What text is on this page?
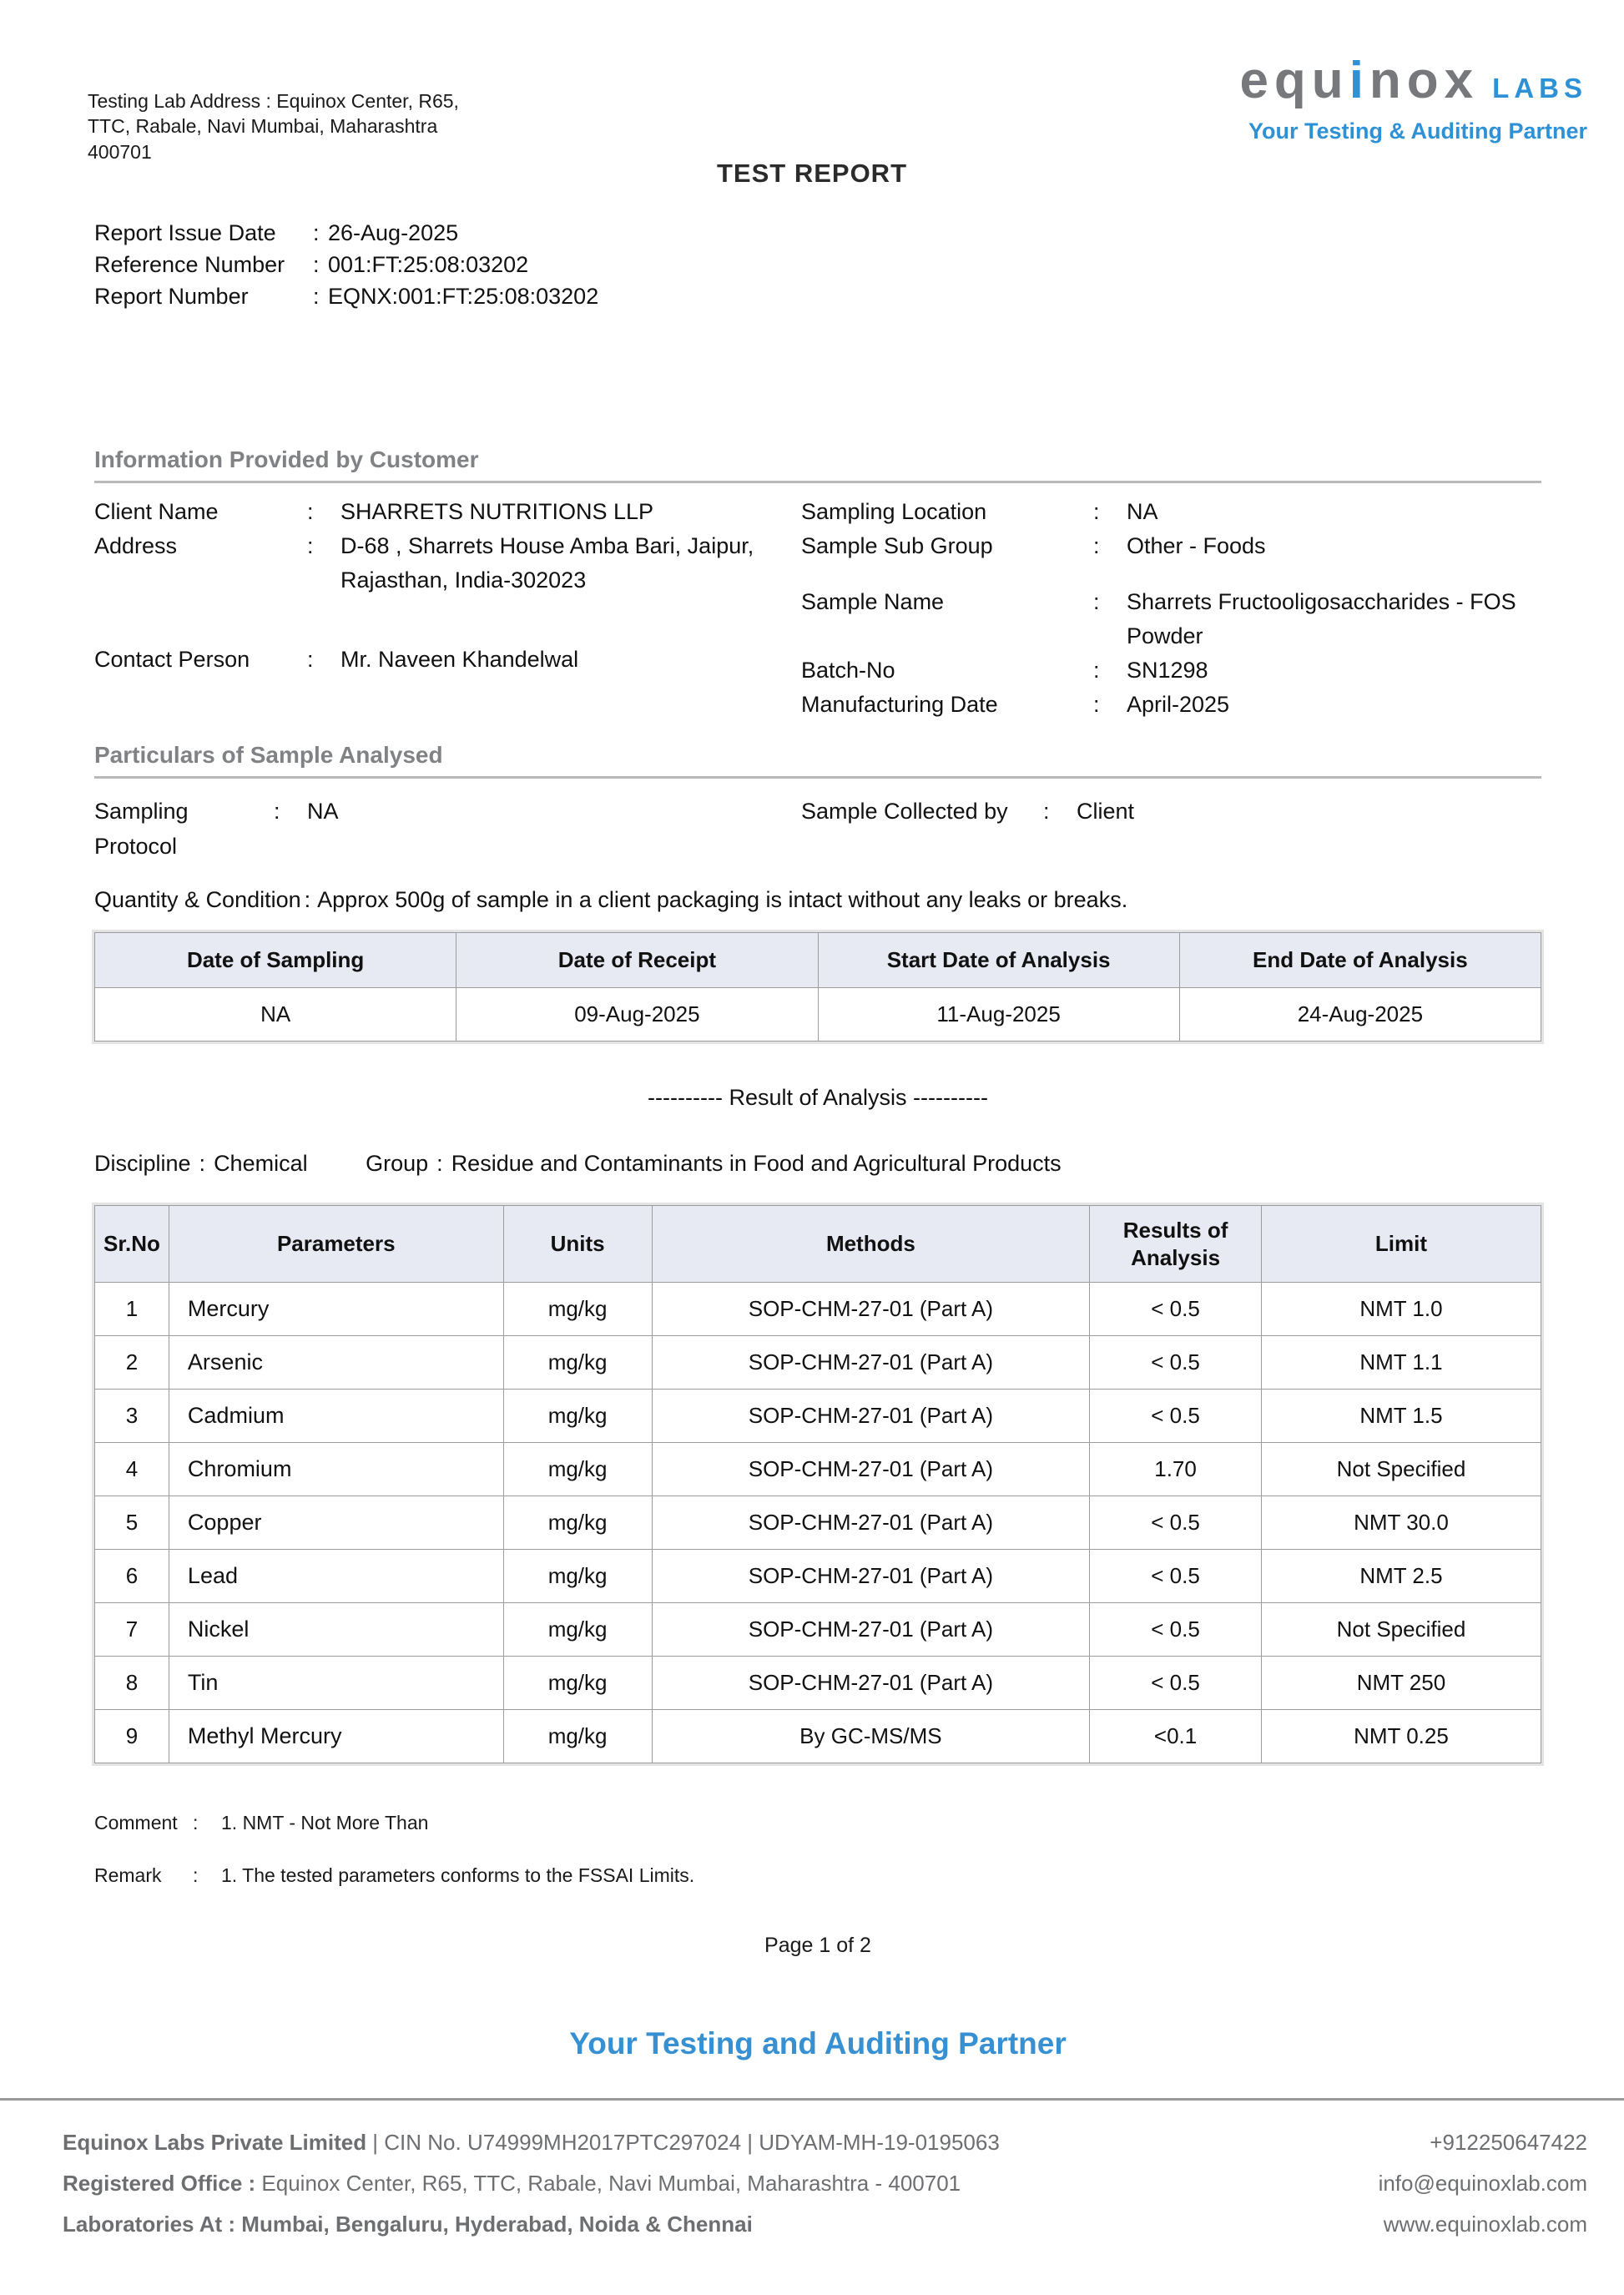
Testing Lab Address : Equinox Center, R65,
TTC, Rabale, Navi Mumbai, Maharashtra
400701
equinox LABS
Your Testing & Auditing Partner
TEST REPORT
Report Issue Date	: 26-Aug-2025
Reference Number	: 001:FT:25:08:03202
Report Number	: EQNX:001:FT:25:08:03202
Information Provided by Customer
Client Name	:	SHARRETS NUTRITIONS LLP
Address	:	D-68 , Sharrets House Amba Bari, Jaipur, Rajasthan, India-302023
Contact Person	:	Mr. Naveen Khandelwal
Sampling Location	:	NA
Sample Sub Group	:	Other - Foods
Sample Name	:	Sharrets Fructooligosaccharides - FOS Powder
Batch-No	:	SN1298
Manufacturing Date	:	April-2025
Particulars of Sample Analysed
Sampling Protocol
:	NA	Sample Collected by	:	Client
Quantity & Condition : Approx 500g of sample in a client packaging is intact without any leaks or breaks.
Date of Sampling	Date of Receipt	Start Date of Analysis	End Date of Analysis
NA	09-Aug-2025	11-Aug-2025	24-Aug-2025
---------- Result of Analysis ----------
Discipline : Chemical	Group : Residue and Contaminants in Food and Agricultural Products
Sr.No	Parameters	Units	Methods	Results of Analysis	Limit
1	Mercury	mg/kg	SOP-CHM-27-01 (Part A)	< 0.5	NMT 1.0
2	Arsenic	mg/kg	SOP-CHM-27-01 (Part A)	< 0.5	NMT 1.1
3	Cadmium	mg/kg	SOP-CHM-27-01 (Part A)	< 0.5	NMT 1.5
4	Chromium	mg/kg	SOP-CHM-27-01 (Part A)	1.70	Not Specified
5	Copper	mg/kg	SOP-CHM-27-01 (Part A)	< 0.5	NMT 30.0
6	Lead	mg/kg	SOP-CHM-27-01 (Part A)	< 0.5	NMT 2.5
7	Nickel	mg/kg	SOP-CHM-27-01 (Part A)	< 0.5	Not Specified
8	Tin	mg/kg	SOP-CHM-27-01 (Part A)	< 0.5	NMT 250
9	Methyl Mercury	mg/kg	By GC-MS/MS	<0.1	NMT 0.25
Comment :	1. NMT - Not More Than
Remark	:	1. The tested parameters conforms to the FSSAI Limits.
Page 1 of 2
Your Testing and Auditing Partner
Equinox Labs Private Limited | CIN No. U74999MH2017PTC297024 | UDYAM-MH-19-0195063	+912250647422
Registered Office : Equinox Center, R65, TTC, Rabale, Navi Mumbai, Maharashtra - 400701	info@equinoxlab.com
Laboratories At : Mumbai, Bengaluru, Hyderabad, Noida & Chennai	www.equinoxlab.com
